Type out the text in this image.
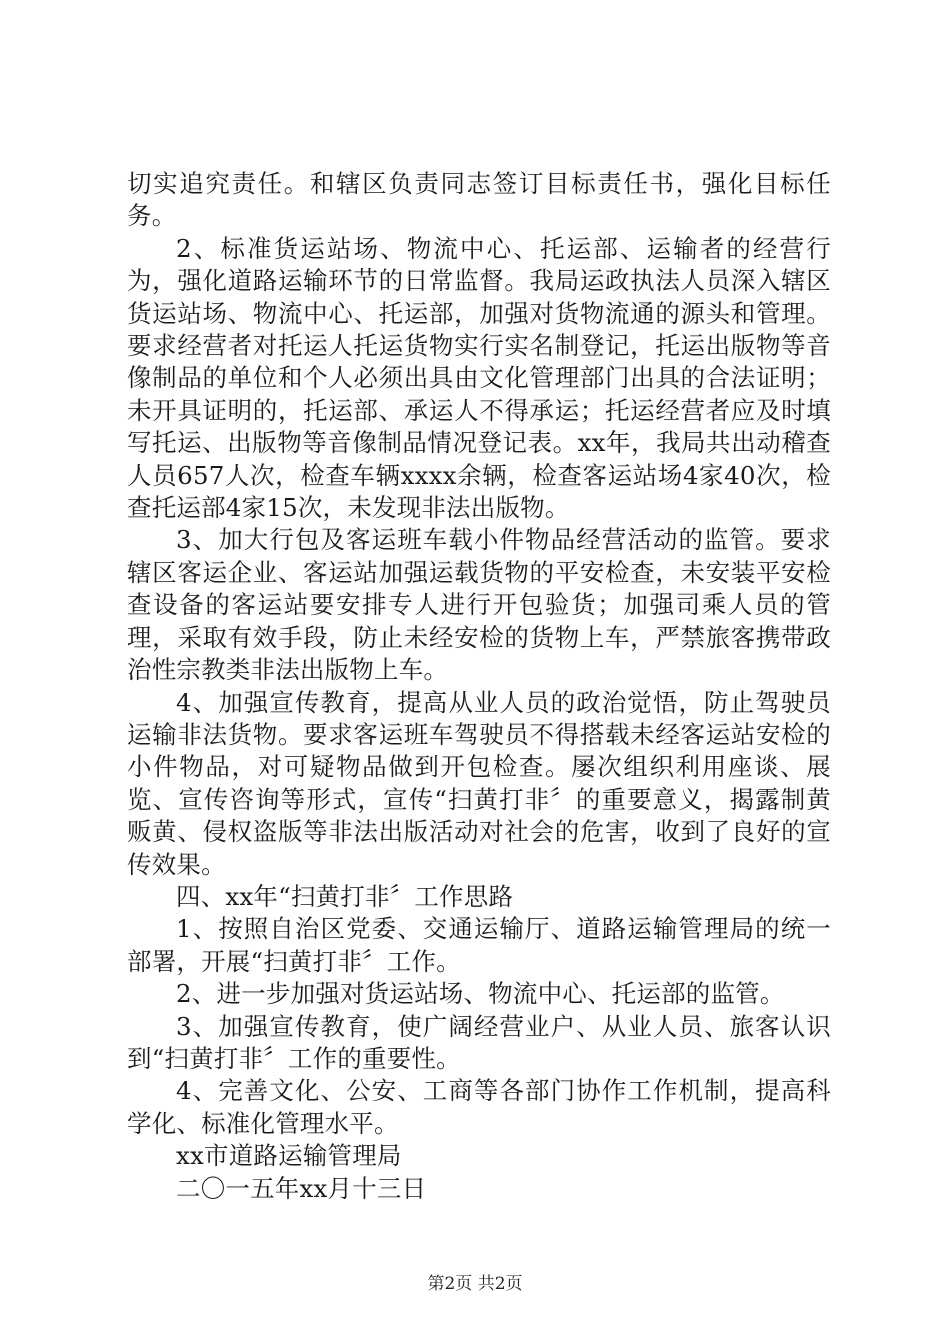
切实追究责任。和辖区负责同志签订目标责任书，强化目标任务。

2、标准货运站场、物流中心、托运部、运输者的经营行为，强化道路运输环节的日常监督。我局运政执法人员深入辖区货运站场、物流中心、托运部，加强对货物流通的源头和管理。要求经营者对托运人托运货物实行实名制登记，托运出版物等音像制品的单位和个人必须出具由文化管理部门出具的合法证明；未开具证明的，托运部、承运人不得承运；托运经营者应及时填写托运、出版物等音像制品情况登记表。xx年，我局共出动稽查人员657人次，检查车辆xxxx余辆，检查客运站场4家40次，检查托运部4家15次，未发现非法出版物。

3、加大行包及客运班车载小件物品经营活动的监管。要求辖区客运企业、客运站加强运载货物的平安检查，未安装平安检查设备的客运站要安排专人进行开包验货；加强司乘人员的管理，采取有效手段，防止未经安检的货物上车，严禁旅客携带政治性宗教类非法出版物上车。

4、加强宣传教育，提高从业人员的政治觉悟，防止驾驶员运输非法货物。要求客运班车驾驶员不得搭载未经客运站安检的小件物品，对可疑物品做到开包检查。屡次组织利用座谈、展览、宣传咨询等形式，宣传“扫黄打非〞的重要意义，揭露制黄贩黄、侵权盗版等非法出版活动对社会的危害，收到了良好的宣传效果。

四、xx年“扫黄打非〞工作思路

1、按照自治区党委、交通运输厅、道路运输管理局的统一部署，开展“扫黄打非〞工作。

2、进一步加强对货运站场、物流中心、托运部的监管。

3、加强宣传教育，使广阔经营业户、从业人员、旅客认识到“扫黄打非〞工作的重要性。

4、完善文化、公安、工商等各部门协作工作机制，提高科学化、标准化管理水平。

xx市道路运输管理局

二〇一五年xx月十三日

第2页 共2页
